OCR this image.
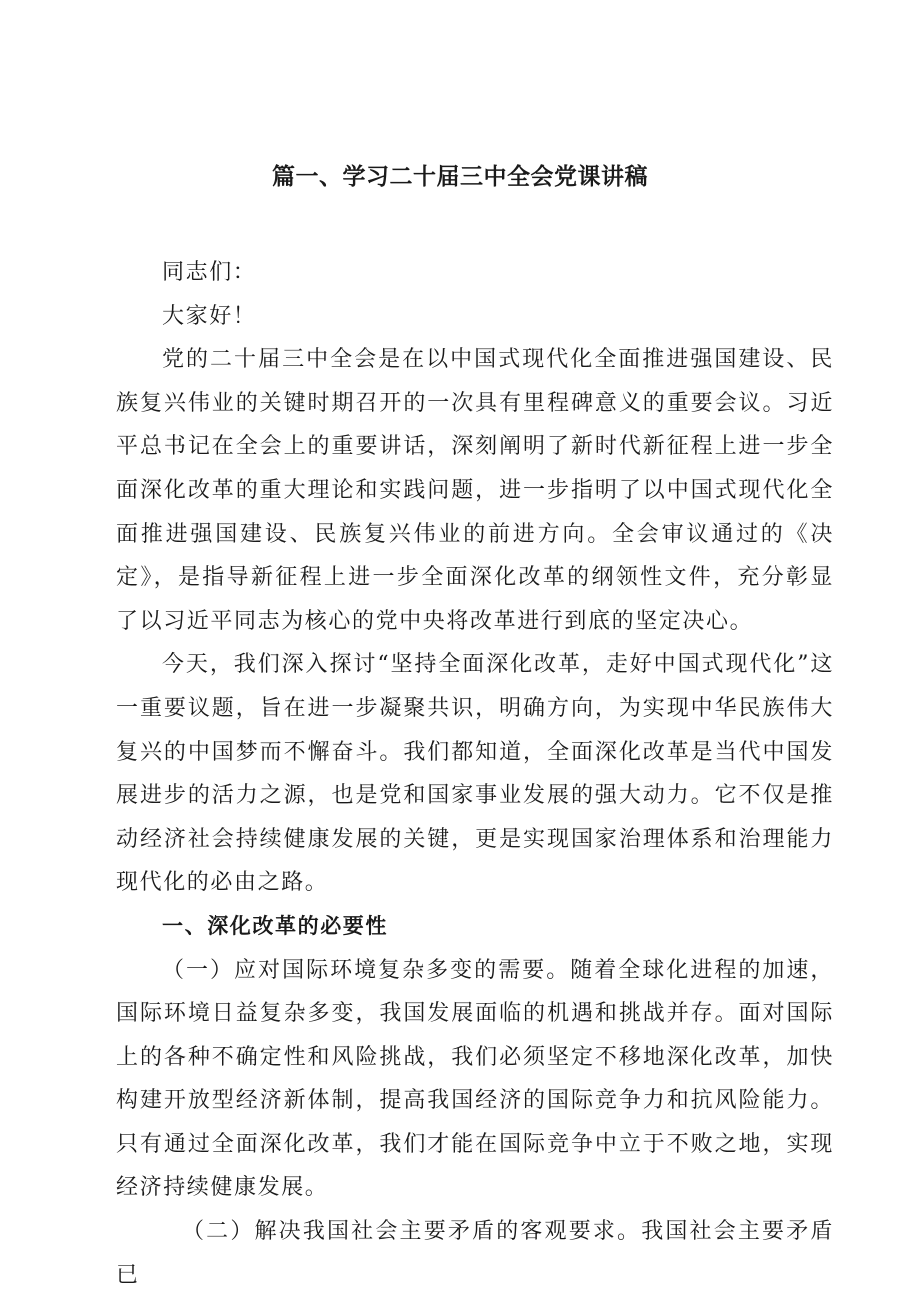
篇一、学习二十届三中全会党课讲稿

同志们：

大家好！

党的二十届三中全会是在以中国式现代化全面推进强国建设、民族复兴伟业的关键时期召开的一次具有里程碑意义的重要会议。习近平总书记在全会上的重要讲话，深刻阐明了新时代新征程上进一步全面深化改革的重大理论和实践问题，进一步指明了以中国式现代化全面推进强国建设、民族复兴伟业的前进方向。全会审议通过的《决定》，是指导新征程上进一步全面深化改革的纲领性文件，充分彰显了以习近平同志为核心的党中央将改革进行到底的坚定决心。

今天，我们深入探讨“坚持全面深化改革，走好中国式现代化”这一重要议题，旨在进一步凝聚共识，明确方向，为实现中华民族伟大复兴的中国梦而不懈奋斗。我们都知道，全面深化改革是当代中国发展进步的活力之源，也是党和国家事业发展的强大动力。它不仅是推动经济社会持续健康发展的关键，更是实现国家治理体系和治理能力现代化的必由之路。

一、深化改革的必要性

（一）应对国际环境复杂多变的需要。随着全球化进程的加速，国际环境日益复杂多变，我国发展面临的机遇和挑战并存。面对国际上的各种不确定性和风险挑战，我们必须坚定不移地深化改革，加快构建开放型经济新体制，提高我国经济的国际竞争力和抗风险能力。只有通过全面深化改革，我们才能在国际竞争中立于不败之地，实现经济持续健康发展。

（二）解决我国社会主要矛盾的客观要求。我国社会主要矛盾已
